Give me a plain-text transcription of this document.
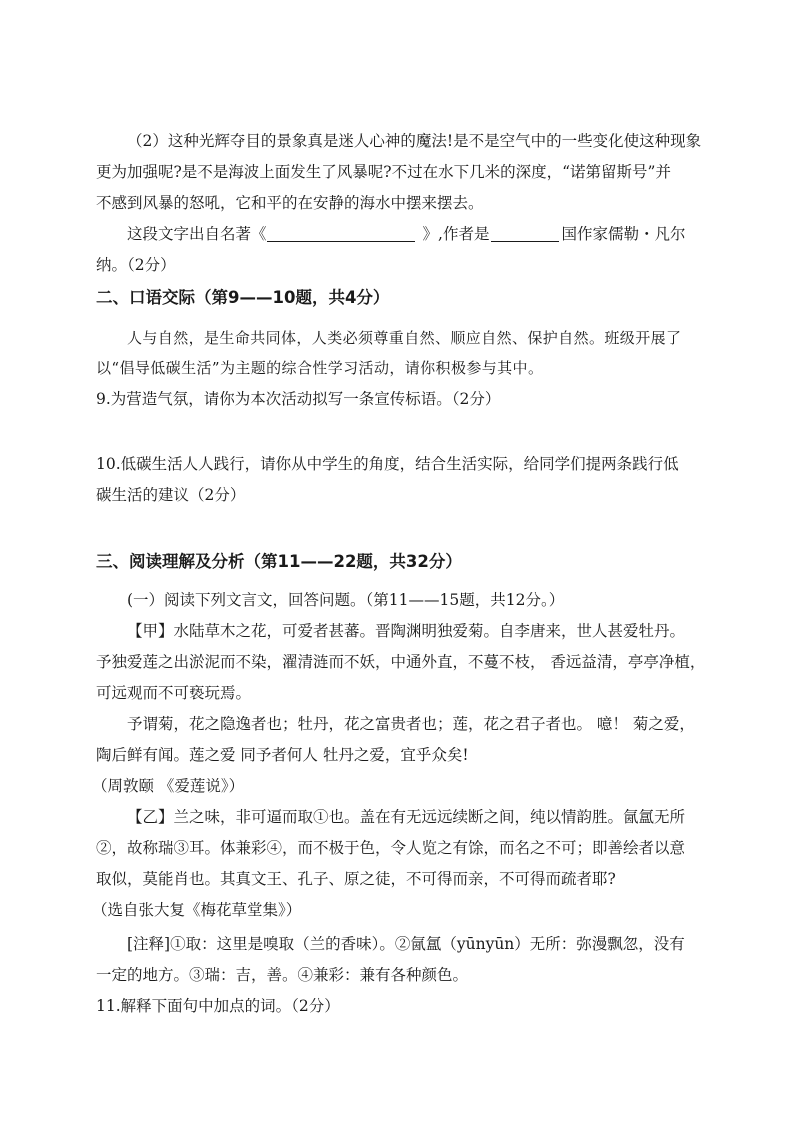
（2）这种光辉夺目的景象真是迷人心神的魔法!是不是空气中的一些变化使这种现象
更为加强呢?是不是海波上面发生了风暴呢?不过在水下几米的深度，“诺第留斯号”并
不感到风暴的怒吼，它和平的在安静的海水中摆来摆去。
这段文字出自名著《	》,作者是	国作家儒勒・凡尔
纳。（2分）
二、口语交际（第9——10题，共4分）
人与自然，是生命共同体，人类必须尊重自然、顺应自然、保护自然。班级开展了
以“倡导低碳生活”为主题的综合性学习活动，请你积极参与其中。
9.为营造气氛，请你为本次活动拟写一条宣传标语。（2分）
10.低碳生活人人践行，请你从中学生的角度，结合生活实际，给同学们提两条践行低
碳生活的建议（2分）
三、阅读理解及分析（第11——22题，共32分）
(一）阅读下列文言文，回答问题。（第11——15题，共12分。）
【甲】水陆草木之花，可爱者甚蕃。晋陶渊明独爱菊。自李唐来，世人甚爱牡丹。
予独爱莲之出淤泥而不染，濯清涟而不妖，中通外直，不蔓不枝， 香远益清，亭亭净植，
可远观而不可亵玩焉。
予谓菊，花之隐逸者也；牡丹，花之富贵者也；莲，花之君子者也。 噫！ 菊之爱，
陶后鲜有闻。莲之爱 同予者何人 牡丹之爱，宜乎众矣!
（周敦颐 《爱莲说》）
【乙】兰之味，非可逼而取①也。盖在有无远远续断之间，纯以情韵胜。氤氲无所
②，故称瑞③耳。体兼彩④，而不极于色，令人览之有馀，而名之不可；即善绘者以意
取似，莫能肖也。其真文王、孔子、原之徒，不可得而亲，不可得而疏者耶?
（选自张大复《梅花草堂集》）
[注释]①取：这里是嗅取（兰的香味）。②氤氲（yūnyūn）无所：弥漫飘忽，没有
一定的地方。③瑞：吉，善。④兼彩：兼有各种颜色。
11.解释下面句中加点的词。（2分）
